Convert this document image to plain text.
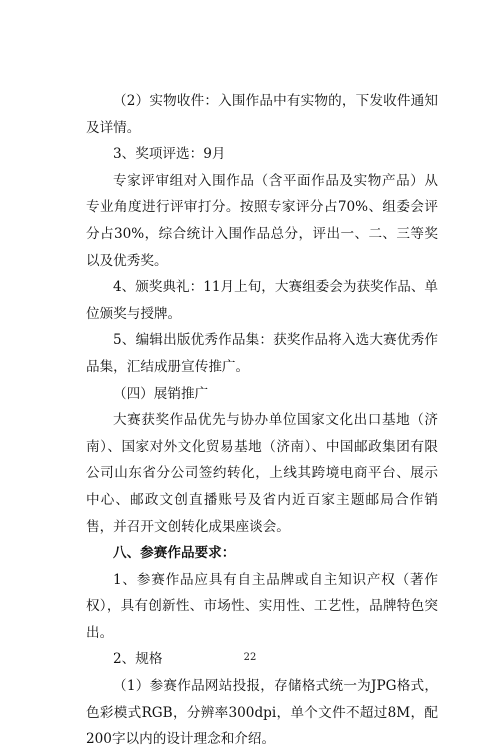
（2）实物收件：入围作品中有实物的，下发收件通知及详情。

3、奖项评选：9月

专家评审组对入围作品（含平面作品及实物产品）从专业角度进行评审打分。按照专家评分占70%、组委会评分占30%，综合统计入围作品总分，评出一、二、三等奖以及优秀奖。

4、颁奖典礼：11月上旬，大赛组委会为获奖作品、单位颁奖与授牌。

5、编辑出版优秀作品集：获奖作品将入选大赛优秀作品集，汇结成册宣传推广。

（四）展销推广

大赛获奖作品优先与协办单位国家文化出口基地（济南）、国家对外文化贸易基地（济南）、中国邮政集团有限公司山东省分公司签约转化，上线其跨境电商平台、展示中心、邮政文创直播账号及省内近百家主题邮局合作销售，并召开文创转化成果座谈会。

八、参赛作品要求：

1、参赛作品应具有自主品牌或自主知识产权（著作权），具有创新性、市场性、实用性、工艺性，品牌特色突出。

2、规格

（1）参赛作品网站投报，存储格式统一为JPG格式，色彩模式RGB，分辨率300dpi，单个文件不超过8M，配200字以内的设计理念和介绍。

22
